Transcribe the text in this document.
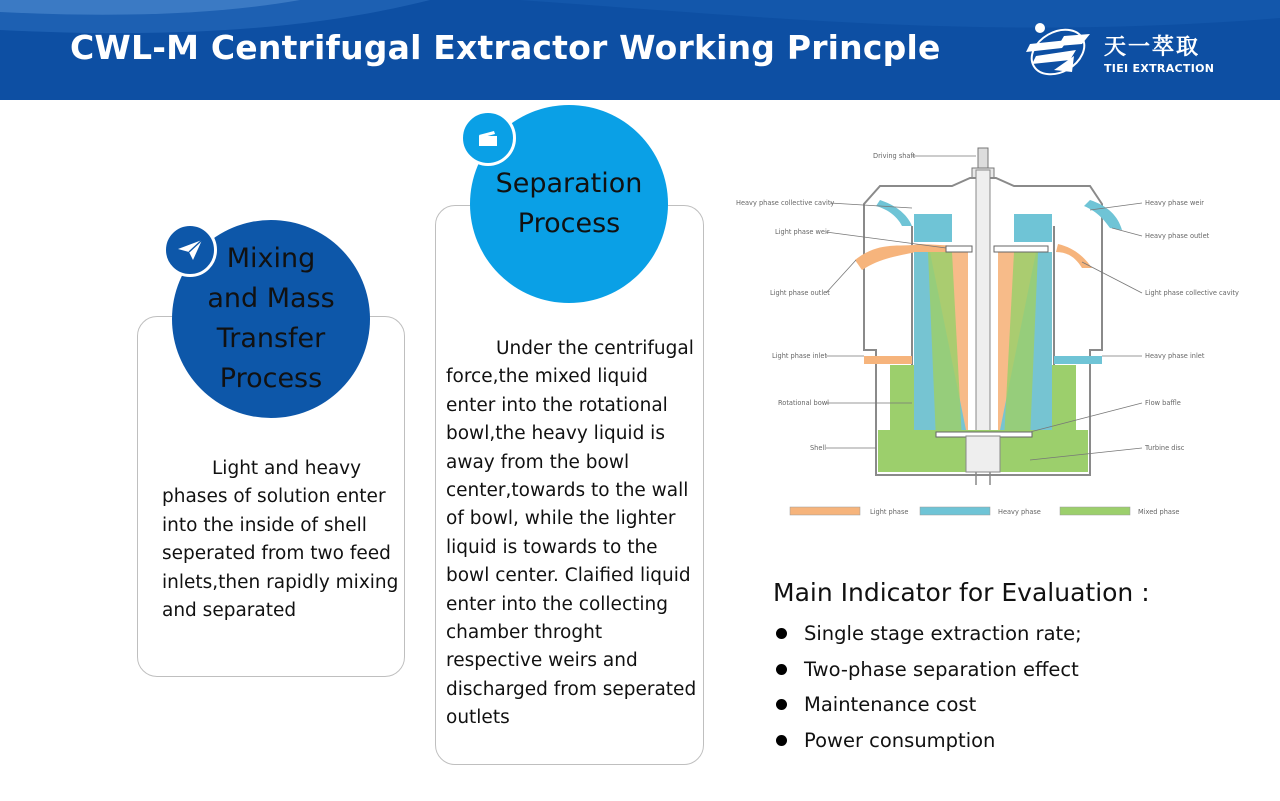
CWL-M Centrifugal Extractor Working Princple	天一萃取
TIEI EXTRACTION
Mixing
and Mass
Transfer
Process
Light and heavy phases of solution enter into the inside of shell seperated from two feed inlets,then rapidly mixing and separated
Separation
Process
Under the centrifugal force,the mixed liquid enter into the rotational bowl,the heavy liquid is away from the bowl center,towards to the wall of bowl, while the lighter liquid is towards to the bowl center. Claified liquid enter into the collecting chamber throght respective weirs and discharged from seperated outlets
Driving shaft
Heavy phase collective cavity
Light phase weir
Light phase outlet
Light phase inlet
Rotational bowl
Shell
Heavy phase weir
Heavy phase outlet
Light phase collective cavity
Heavy phase inlet
Flow baffle
Turbine disc
Light phase	Heavy phase	Mixed phase
Main Indicator for Evaluation :
Single stage extraction rate;
Two-phase separation effect
Maintenance cost
Power consumption
